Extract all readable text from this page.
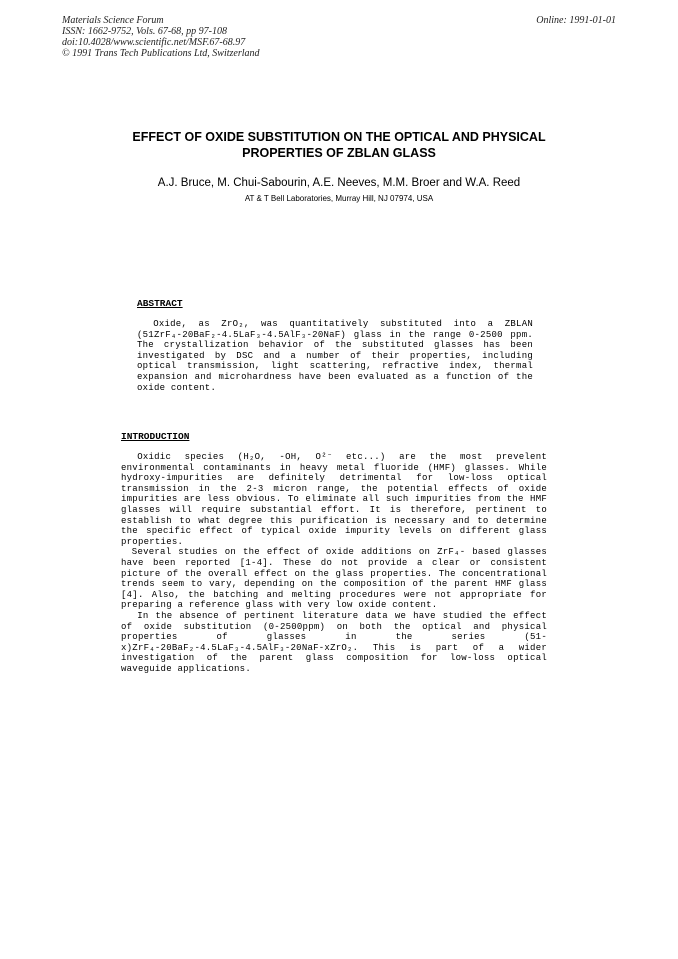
Materials Science Forum
ISSN: 1662-9752, Vols. 67-68, pp 97-108
doi:10.4028/www.scientific.net/MSF.67-68.97
© 1991 Trans Tech Publications Ltd, Switzerland
Online: 1991-01-01
EFFECT OF OXIDE SUBSTITUTION ON THE OPTICAL AND PHYSICAL
PROPERTIES OF ZBLAN GLASS
A.J. Bruce, M. Chui-Sabourin, A.E. Neeves, M.M. Broer and W.A. Reed
AT & T Bell Laboratories, Murray Hill, NJ 07974, USA
ABSTRACT

Oxide, as ZrO₂, was quantitatively substituted into a ZBLAN (51ZrF₄-20BaF₂-4.5LaF₃-4.5AlF₃-20NaF) glass in the range 0-2500 ppm. The crystallization behavior of the substituted glasses has been investigated by DSC and a number of their properties, including optical transmission, light scattering, refractive index, thermal expansion and microhardness have been evaluated as a function of the oxide content.

INTRODUCTION

Oxidic species (H₂O, -OH, O²⁻ etc...) are the most prevelent environmental contaminants in heavy metal fluoride (HMF) glasses. While hydroxy-impurities are definitely detrimental for low-loss optical transmission in the 2-3 micron range, the potential effects of oxide impurities are less obvious. To eliminate all such impurities from the HMF glasses will require substantial effort. It is therefore, pertinent to establish to what degree this purification is necessary and to determine the specific effect of typical oxide impurity levels on different glass properties.

Several studies on the effect of oxide additions on ZrF₄- based glasses have been reported [1-4]. These do not provide a clear or consistent picture of the overall effect on the glass properties. The concentrational trends seem to vary, depending on the composition of the parent HMF glass [4]. Also, the batching and melting procedures were not appropriate for preparing a reference glass with very low oxide content.

In the absence of pertinent literature data we have studied the effect of oxide substitution (0-2500ppm) on both the optical and physical properties of glasses in the series (51-x)ZrF₄-20BaF₂-4.5LaF₃-4.5AlF₃-20NaF-xZrO₂. This is part of a wider investigation of the parent glass composition for low-loss optical waveguide applications.
